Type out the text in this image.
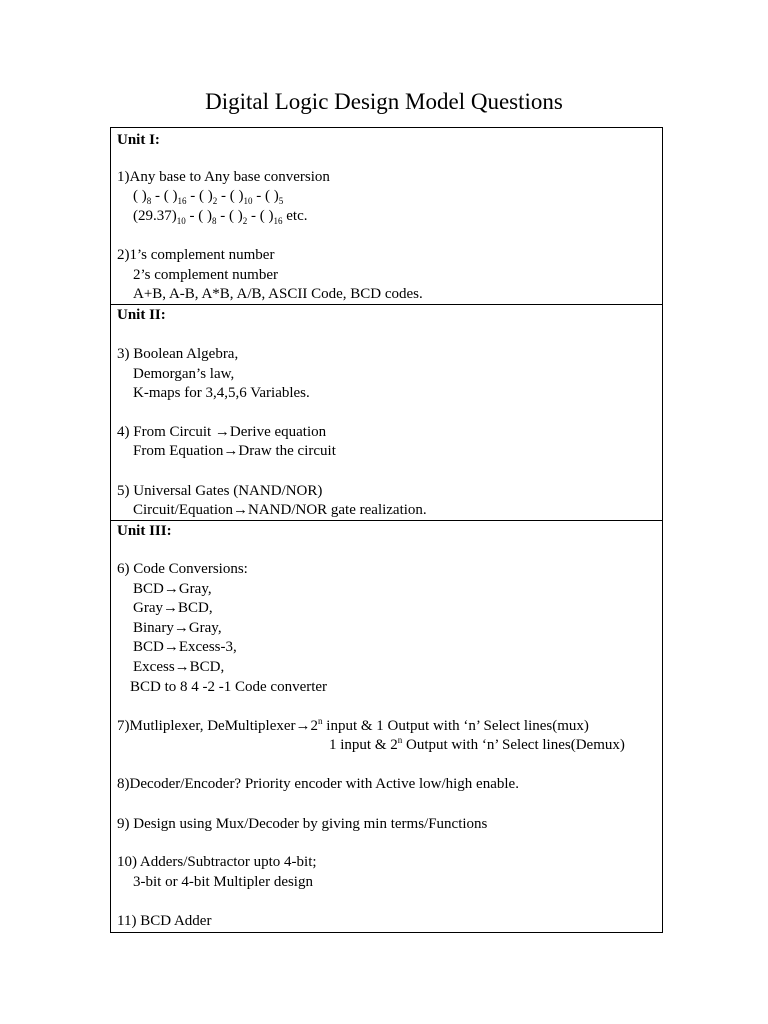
Digital Logic Design Model Questions
Unit I:
1)Any base to Any base conversion
( )$_8$ - ( )$_{16}$ - ( )$_2$ - ( )$_{10}$ - ( )$_5$
$(29.37)_{10}$ - ( )$_8$ - ( )$_2$ - ( )$_{16}$ etc.
2)1’s complement number
2’s complement number
A+B, A-B, A*B, A/B, ASCII Code, BCD codes.
Unit II:
3) Boolean Algebra,
Demorgan’s law,
K-maps for 3,4,5,6 Variables.
4) From Circuit →Derive equation
From Equation→Draw the circuit
5) Universal Gates (NAND/NOR)
Circuit/Equation→NAND/NOR gate realization.
Unit III:
6) Code Conversions:
BCD→Gray,
Gray→BCD,
Binary→Gray,
BCD→Excess-3,
Excess→BCD,
BCD to 8 4 -2 -1 Code converter
7)Mutliplexer, $DeMultiplexer\to 2^n$ input & 1 Output with ‘n’ Select lines(mux)
1 input & 2$^n$ Output with ‘n’ Select lines(Demux)
8)Decoder/Encoder? Priority encoder with Active low/high enable.
9) Design using Mux/Decoder by giving min terms/Functions
10) Adders/Subtractor upto 4-bit;
3-bit or 4-bit Multipler design
11) BCD Adder
